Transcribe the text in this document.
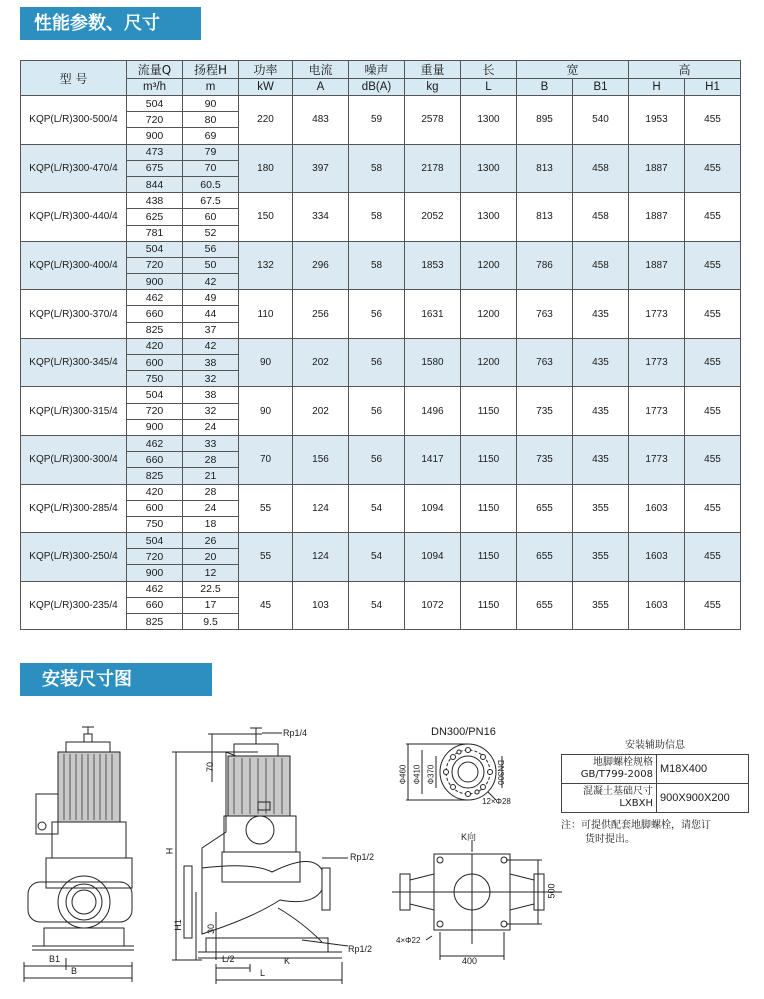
性能参数、尺寸
型 号	流量Q	扬程H	功率	电流	噪声	重量	长	宽		高	
	m³/h	m	kW	A	dB(A)	kg	L	B	B1	H	H1
KQP(L/R)300-500/4	504	90	220	483	59	2578	1300	895	540	1953	455
	720	80									
	900	69									
KQP(L/R)300-470/4	473	79	180	397	58	2178	1300	813	458	1887	455
	675	70									
	844	60.5									
KQP(L/R)300-440/4	438	67.5	150	334	58	2052	1300	813	458	1887	455
	625	60									
	781	52									
KQP(L/R)300-400/4	504	56	132	296	58	1853	1200	786	458	1887	455
	720	50									
	900	42									
KQP(L/R)300-370/4	462	49	110	256	56	1631	1200	763	435	1773	455
	660	44									
	825	37									
KQP(L/R)300-345/4	420	42	90	202	56	1580	1200	763	435	1773	455
	600	38									
	750	32									
KQP(L/R)300-315/4	504	38	90	202	56	1496	1150	735	435	1773	455
	720	32									
	900	24									
KQP(L/R)300-300/4	462	33	70	156	56	1417	1150	735	435	1773	455
	660	28									
	825	21									
KQP(L/R)300-285/4	420	28	55	124	54	1094	1150	655	355	1603	455
	600	24									
	750	18									
KQP(L/R)300-250/4	504	26	55	124	54	1094	1150	655	355	1603	455
	720	20									
	900	12									
KQP(L/R)300-235/4	462	22.5	45	103	54	1072	1150	655	355	1603	455
	660	17									
	825	9.5									
安装尺寸图
B1
B
Rp1/4
70
H
Rp1/2
H1	30
Rp1/2
L/2	K
L
DN300/PN16
Φ460 Φ410 Φ370	DN300
12×Φ28
K向
500
4×Φ22
400
安装辅助信息
地脚螺栓规格
GB/T799-2008	M18X400

混凝土基础尺寸
LXBXH	900X900X200
注：可提供配套地脚螺栓，请您订
货时提出。
